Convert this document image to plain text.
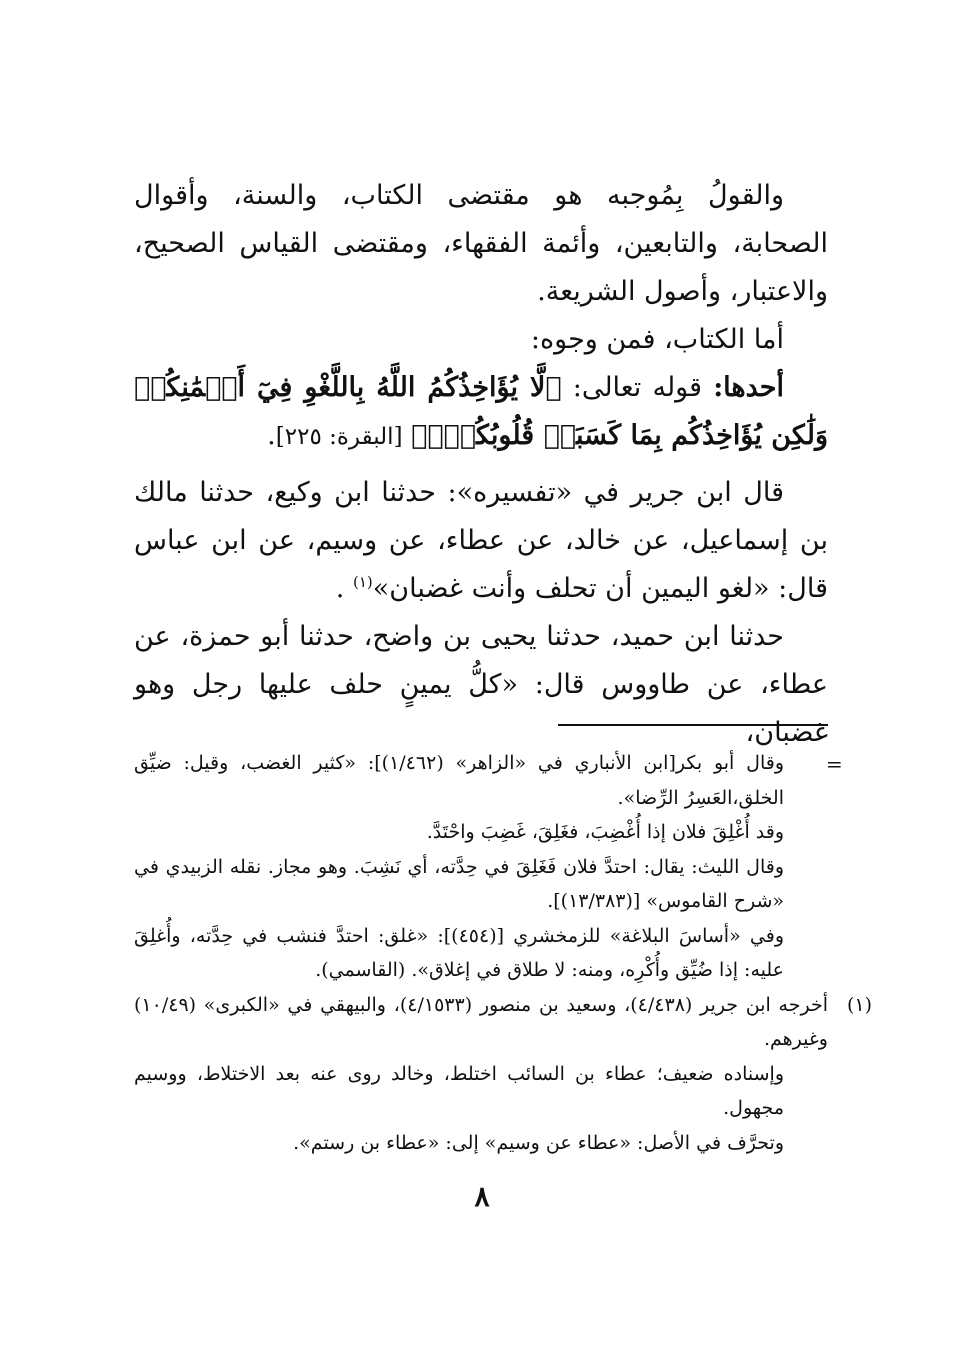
والقولُ بِمُوجبه هو مقتضى الكتاب، والسنة، وأقوال الصحابة، والتابعين، وأئمة الفقهاء، ومقتضى القياس الصحيح، والاعتبار، وأصول الشريعة.

أما الكتاب، فمن وجوه:

أحدها: قوله تعالى: ﴿لَّا يُؤَاخِذُكُمُ اللَّهُ بِاللَّغْوِ فِيٓ أَيۡمَٰنِكُمۡ وَلَٰكِن يُؤَاخِذُكُم بِمَا كَسَبَتۡ قُلُوبُكُمۡۗ﴾ [البقرة: ٢٢٥].

قال ابن جرير في «تفسيره»: حدثنا ابن وكيع، حدثنا مالك بن إسماعيل، عن خالد، عن عطاء، عن وسيم، عن ابن عباس قال: «لغو اليمين أن تحلف وأنت غضبان»$^{(١)}$ .

حدثنا ابن حميد، حدثنا يحيى بن واضح، حدثنا أبو حمزة، عن عطاء، عن طاووس قال: «كلُّ يمينٍ حلف عليها رجل وهو غضبان،

=

وقال أبو بكر[ابن الأنباري في «الزاهر» (١/٤٦٢)]: «كثير الغضب، وقيل: ضيِّق الخلق،العَسِرُ الرِّضا».

وقد أُغْلِقَ فلان إذا أُغْضِبَ، فغَلِقَ، غَضِبَ واحْتَدَّ.

وقال الليث: يقال: احتدَّ فلان فَغَلِقَ في حِدَّته، أي نَشِبَ. وهو مجاز. نقله الزبيدي في «شرح القاموس» [(١٣/٣٨٣)].

وفي «أساسَ البلاغة» للزمخشري [(٤٥٤)]: «غلق: احتدَّ فنشب في حِدَّته، وأُغلِقَ عليه: إذا ضُيِّق وأُكْرِه، ومنه: لا طلاق في إغلاق». (القاسمي).

(١)

أخرجه ابن جرير (٤/٤٣٨)، وسعيد بن منصور (٤/١٥٣٣)، والبيهقي في «الكبرى» (١٠/٤٩) وغيرهم.

وإسناده ضعيف؛ عطاء بن السائب اختلط، وخالد روى عنه بعد الاختلاط، ووسيم مجهول.

وتحرَّف في الأصل: «عطاء عن وسيم» إلى: «عطاء بن رستم».

٨
